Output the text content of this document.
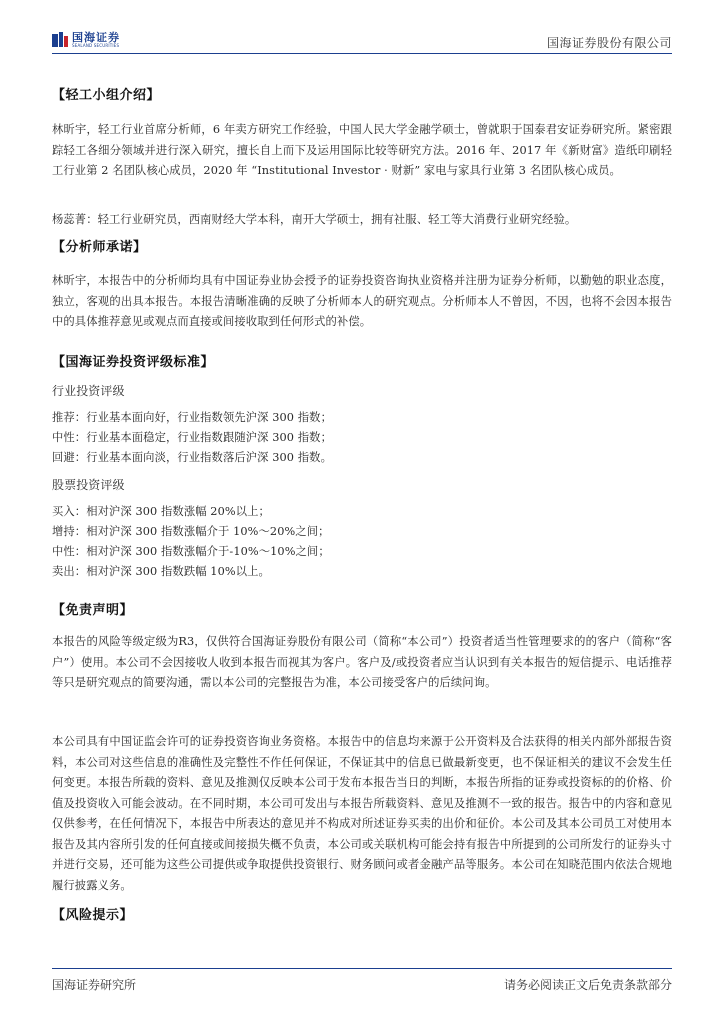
国海证券
SEALAND SECURITIES	国海证券股份有限公司
【轻工小组介绍】
林昕宇，轻工行业首席分析师，6 年卖方研究工作经验，中国人民大学金融学硕士，曾就职于国泰君安证券研究所。紧密跟踪轻工各细分领域并进行深入研究，擅长自上而下及运用国际比较等研究方法。2016 年、2017 年《新财富》造纸印刷轻工行业第 2 名团队核心成员，2020 年 “Institutional Investor · 财新” 家电与家具行业第 3 名团队核心成员。
杨蕊菁：轻工行业研究员，西南财经大学本科，南开大学硕士，拥有社服、轻工等大消费行业研究经验。
【分析师承诺】
林昕宇，本报告中的分析师均具有中国证券业协会授予的证券投资咨询执业资格并注册为证券分析师，以勤勉的职业态度，独立，客观的出具本报告。本报告清晰准确的反映了分析师本人的研究观点。分析师本人不曾因，不因，也将不会因本报告中的具体推荐意见或观点而直接或间接收取到任何形式的补偿。
【国海证券投资评级标准】
行业投资评级
推荐：行业基本面向好，行业指数领先沪深 300 指数；
中性：行业基本面稳定，行业指数跟随沪深 300 指数；
回避：行业基本面向淡，行业指数落后沪深 300 指数。
股票投资评级
买入：相对沪深 300 指数涨幅 20%以上；
增持：相对沪深 300 指数涨幅介于 10%～20%之间；
中性：相对沪深 300 指数涨幅介于-10%～10%之间；
卖出：相对沪深 300 指数跌幅 10%以上。
【免责声明】
本报告的风险等级定级为R3，仅供符合国海证券股份有限公司（简称“本公司”）投资者适当性管理要求的的客户（简称“客户”）使用。本公司不会因接收人收到本报告而视其为客户。客户及/或投资者应当认识到有关本报告的短信提示、电话推荐等只是研究观点的简要沟通，需以本公司的完整报告为准，本公司接受客户的后续问询。
本公司具有中国证监会许可的证券投资咨询业务资格。本报告中的信息均来源于公开资料及合法获得的相关内部外部报告资料，本公司对这些信息的准确性及完整性不作任何保证，不保证其中的信息已做最新变更，也不保证相关的建议不会发生任何变更。本报告所载的资料、意见及推测仅反映本公司于发布本报告当日的判断，本报告所指的证券或投资标的的价格、价值及投资收入可能会波动。在不同时期，本公司可发出与本报告所载资料、意见及推测不一致的报告。报告中的内容和意见仅供参考，在任何情况下，本报告中所表达的意见并不构成对所述证券买卖的出价和征价。本公司及其本公司员工对使用本报告及其内容所引发的任何直接或间接损失概不负责，本公司或关联机构可能会持有报告中所提到的公司所发行的证券头寸并进行交易，还可能为这些公司提供或争取提供投资银行、财务顾问或者金融产品等服务。本公司在知晓范围内依法合规地履行披露义务。
【风险提示】
国海证券研究所	请务必阅读正文后免责条款部分
